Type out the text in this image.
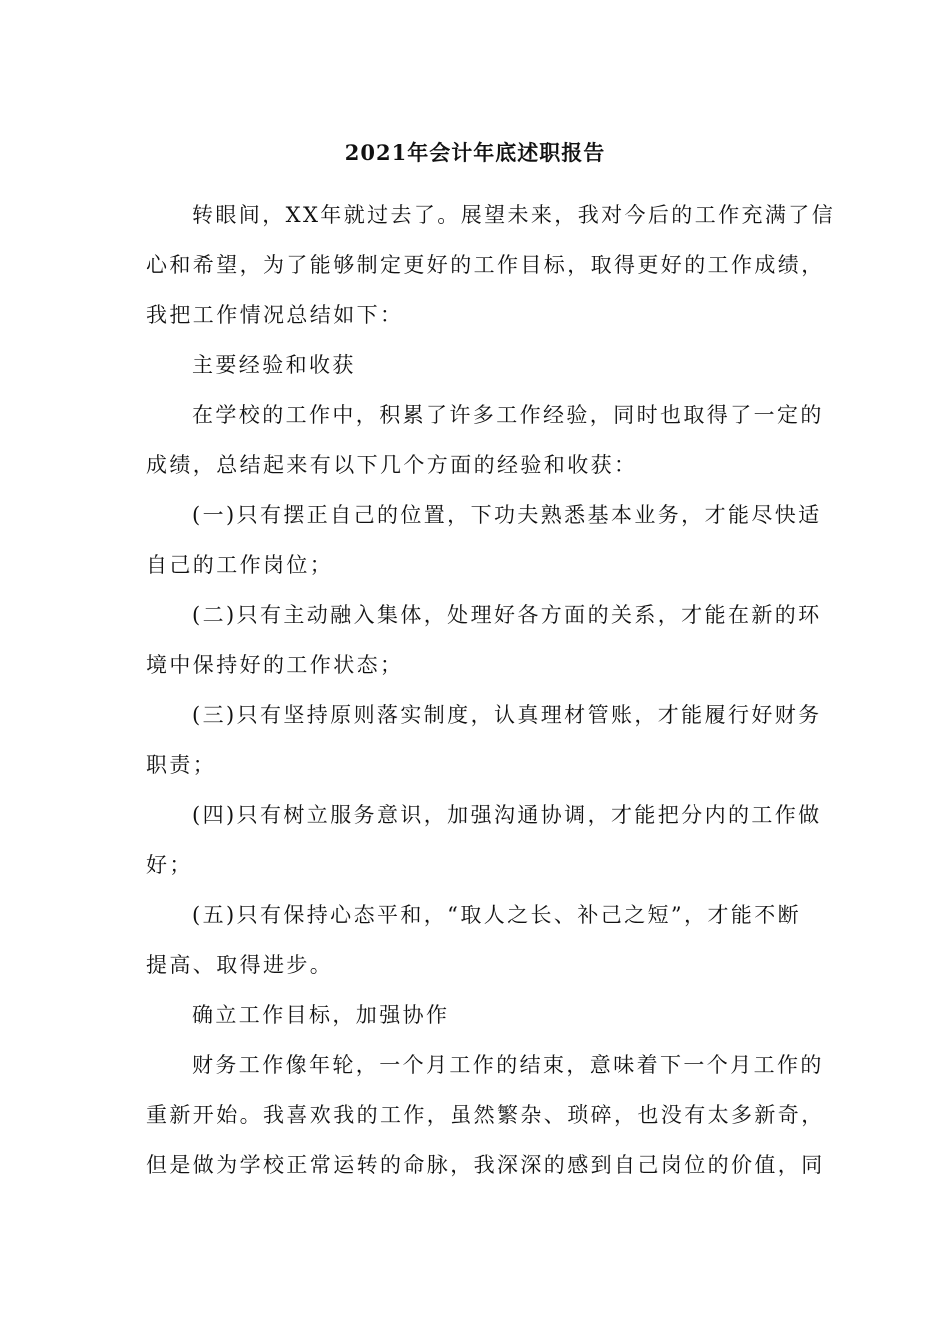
2021年会计年底述职报告
转眼间，XX年就过去了。展望未来，我对今后的工作充满了信
心和希望，为了能够制定更好的工作目标，取得更好的工作成绩，
我把工作情况总结如下：
主要经验和收获
在学校的工作中，积累了许多工作经验，同时也取得了一定的
成绩，总结起来有以下几个方面的经验和收获：
(一)只有摆正自己的位置，下功夫熟悉基本业务，才能尽快适
自己的工作岗位；
(二)只有主动融入集体，处理好各方面的关系，才能在新的环
境中保持好的工作状态；
(三)只有坚持原则落实制度，认真理材管账，才能履行好财务
职责；
(四)只有树立服务意识，加强沟通协调，才能把分内的工作做
好；
(五)只有保持心态平和，“取人之长、补己之短”，才能不断
提高、取得进步。
确立工作目标，加强协作
财务工作像年轮，一个月工作的结束，意味着下一个月工作的
重新开始。我喜欢我的工作，虽然繁杂、琐碎，也没有太多新奇，
但是做为学校正常运转的命脉，我深深的感到自己岗位的价值，同
